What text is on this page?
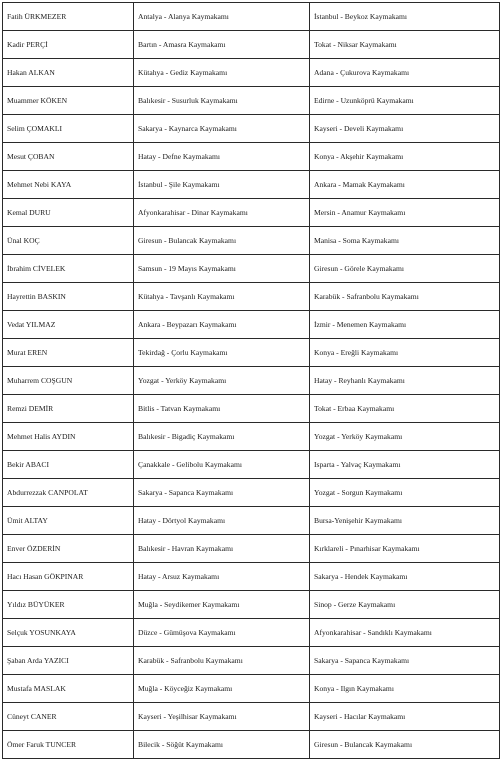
Fatih ÜRKMEZER	Antalya - Alanya Kaymakamı	İstanbul - Beykoz Kaymakamı
Kadir PERÇİ	Bartın - Amasra Kaymakamı	Tokat - Niksar Kaymakamı
Hakan ALKAN	Kütahya - Gediz Kaymakamı	Adana - Çukurova Kaymakamı
Muammer KÖKEN	Balıkesir - Susurluk Kaymakamı	Edirne - Uzunköprü Kaymakamı
Selim ÇOMAKLI	Sakarya - Kaynarca Kaymakamı	Kayseri - Develi Kaymakamı
Mesut ÇOBAN	Hatay - Defne Kaymakamı	Konya - Akşehir Kaymakamı
Mehmet Nebi KAYA	İstanbul - Şile Kaymakamı	Ankara - Mamak Kaymakamı
Kemal DURU	Afyonkarahisar - Dinar Kaymakamı	Mersin - Anamur Kaymakamı
Ünal KOÇ	Giresun - Bulancak Kaymakamı	Manisa - Soma Kaymakamı
İbrahim CİVELEK	Samsun - 19 Mayıs Kaymakamı	Giresun - Görele Kaymakamı
Hayrettin BASKIN	Kütahya - Tavşanlı Kaymakamı	Karabük - Safranbolu Kaymakamı
Vedat YILMAZ	Ankara - Beypazarı Kaymakamı	İzmir - Menemen Kaymakamı
Murat EREN	Tekirdağ - Çorlu Kaymakamı	Konya - Ereğli Kaymakamı
Muharrem COŞGUN	Yozgat - Yerköy Kaymakamı	Hatay - Reyhanlı Kaymakamı
Remzi DEMİR	Bitlis - Tatvan Kaymakamı	Tokat - Erbaa Kaymakamı
Mehmet Halis AYDIN	Balıkesir - Bigadiç Kaymakamı	Yozgat - Yerköy Kaymakamı
Bekir ABACI	Çanakkale - Gelibolu Kaymakamı	Isparta - Yalvaç Kaymakamı
Abdurrezzak CANPOLAT	Sakarya - Sapanca Kaymakamı	Yozgat - Sorgun Kaymakamı
Ümit ALTAY	Hatay - Dörtyol Kaymakamı	Bursa-Yenişehir Kaymakamı
Enver ÖZDERİN	Balıkesir - Havran Kaymakamı	Kırklareli - Pınarhisar Kaymakamı
Hacı Hasan GÖKPINAR	Hatay - Arsuz Kaymakamı	Sakarya - Hendek Kaymakamı
Yıldız BÜYÜKER	Muğla - Seydikemer Kaymakamı	Sinop - Gerze Kaymakamı
Selçuk YOSUNKAYA	Düzce - Gümüşova Kaymakamı	Afyonkarahisar - Sandıklı Kaymakamı
Şaban Arda YAZICI	Karabük - Safranbolu Kaymakamı	Sakarya - Sapanca Kaymakamı
Mustafa MASLAK	Muğla - Köyceğiz Kaymakamı	Konya - Ilgın Kaymakamı
Cüneyt CANER	Kayseri - Yeşilhisar Kaymakamı	Kayseri - Hacılar Kaymakamı
Ömer Faruk TUNCER	Bilecik - Söğüt Kaymakamı	Giresun - Bulancak Kaymakamı
